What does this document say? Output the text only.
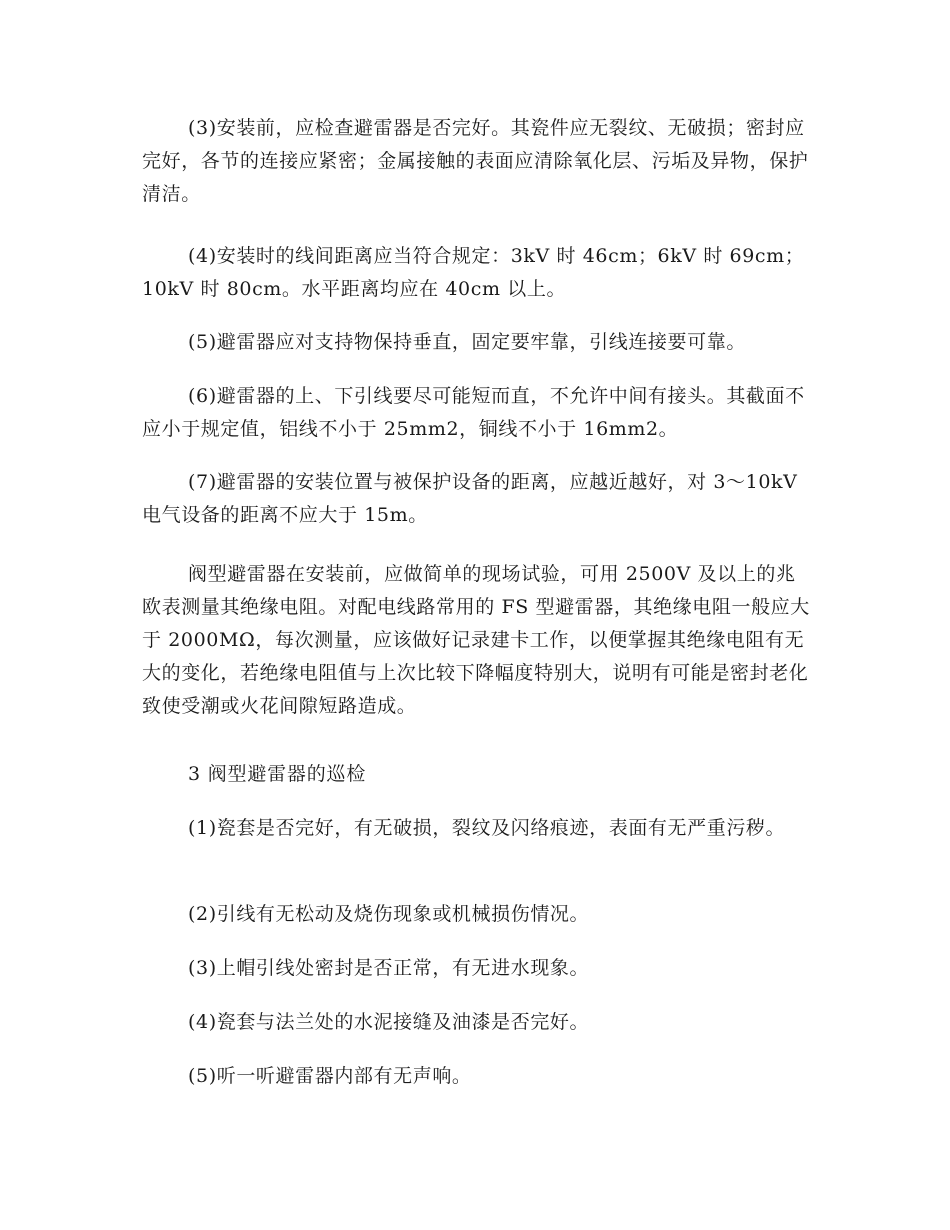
(3)安装前，应检查避雷器是否完好。其瓷件应无裂纹、无破损；密封应完好，各节的连接应紧密；金属接触的表面应清除氧化层、污垢及异物，保护清洁。

(4)安装时的线间距离应当符合规定：3kV 时 46cm；6kV 时 69cm；10kV 时 80cm。水平距离均应在 40cm 以上。

(5)避雷器应对支持物保持垂直，固定要牢靠，引线连接要可靠。

(6)避雷器的上、下引线要尽可能短而直，不允许中间有接头。其截面不应小于规定值，铝线不小于 25mm2，铜线不小于 16mm2。

(7)避雷器的安装位置与被保护设备的距离，应越近越好，对 3～10kV 电气设备的距离不应大于 15m。

阀型避雷器在安装前，应做简单的现场试验，可用 2500V 及以上的兆欧表测量其绝缘电阻。对配电线路常用的 FS 型避雷器，其绝缘电阻一般应大于 2000MΩ，每次测量，应该做好记录建卡工作，以便掌握其绝缘电阻有无大的变化，若绝缘电阻值与上次比较下降幅度特别大，说明有可能是密封老化致使受潮或火花间隙短路造成。

3 阀型避雷器的巡检

(1)瓷套是否完好，有无破损，裂纹及闪络痕迹，表面有无严重污秽。

(2)引线有无松动及烧伤现象或机械损伤情况。

(3)上帽引线处密封是否正常，有无进水现象。

(4)瓷套与法兰处的水泥接缝及油漆是否完好。

(5)听一听避雷器内部有无声响。
